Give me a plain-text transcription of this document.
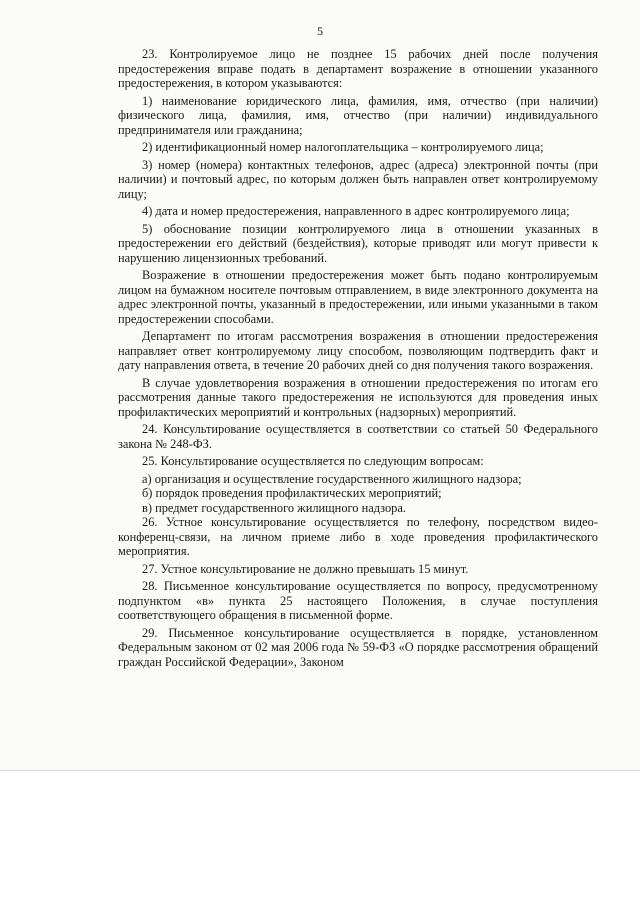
5

23. Контролируемое лицо не позднее 15 рабочих дней после получения предостережения вправе подать в департамент возражение в отношении указанного предостережения, в котором указываются:

1) наименование юридического лица, фамилия, имя, отчество (при наличии) физического лица, фамилия, имя, отчество (при наличии) индивидуального предпринимателя или гражданина;

2) идентификационный номер налогоплательщика – контролируемого лица;

3) номер (номера) контактных телефонов, адрес (адреса) электронной почты (при наличии) и почтовый адрес, по которым должен быть направлен ответ контролируемому лицу;

4) дата и номер предостережения, направленного в адрес контролируемого лица;

5) обоснование позиции контролируемого лица в отношении указанных в предостережении его действий (бездействия), которые приводят или могут привести к нарушению лицензионных требований.

Возражение в отношении предостережения может быть подано контролируемым лицом на бумажном носителе почтовым отправлением, в виде электронного документа на адрес электронной почты, указанный в предостережении, или иными указанными в таком предостережении способами.

Департамент по итогам рассмотрения возражения в отношении предостережения направляет ответ контролируемому лицу способом, позволяющим подтвердить факт и дату направления ответа, в течение 20 рабочих дней со дня получения такого возражения.

В случае удовлетворения возражения в отношении предостережения по итогам его рассмотрения данные такого предостережения не используются для проведения иных профилактических мероприятий и контрольных (надзорных) мероприятий.

24. Консультирование осуществляется в соответствии со статьей 50 Федерального закона № 248-ФЗ.

25. Консультирование осуществляется по следующим вопросам:

а) организация и осуществление государственного жилищного надзора;

б) порядок проведения профилактических мероприятий;

в) предмет государственного жилищного надзора.

26. Устное консультирование осуществляется по телефону, посредством видео-конференц-связи, на личном приеме либо в ходе проведения профилактического мероприятия.

27. Устное консультирование не должно превышать 15 минут.

28. Письменное консультирование осуществляется по вопросу, предусмотренному подпунктом «в» пункта 25 настоящего Положения, в случае поступления соответствующего обращения в письменной форме.

29. Письменное консультирование осуществляется в порядке, установленном Федеральным законом от 02 мая 2006 года № 59-ФЗ «О порядке рассмотрения обращений граждан Российской Федерации», Законом
